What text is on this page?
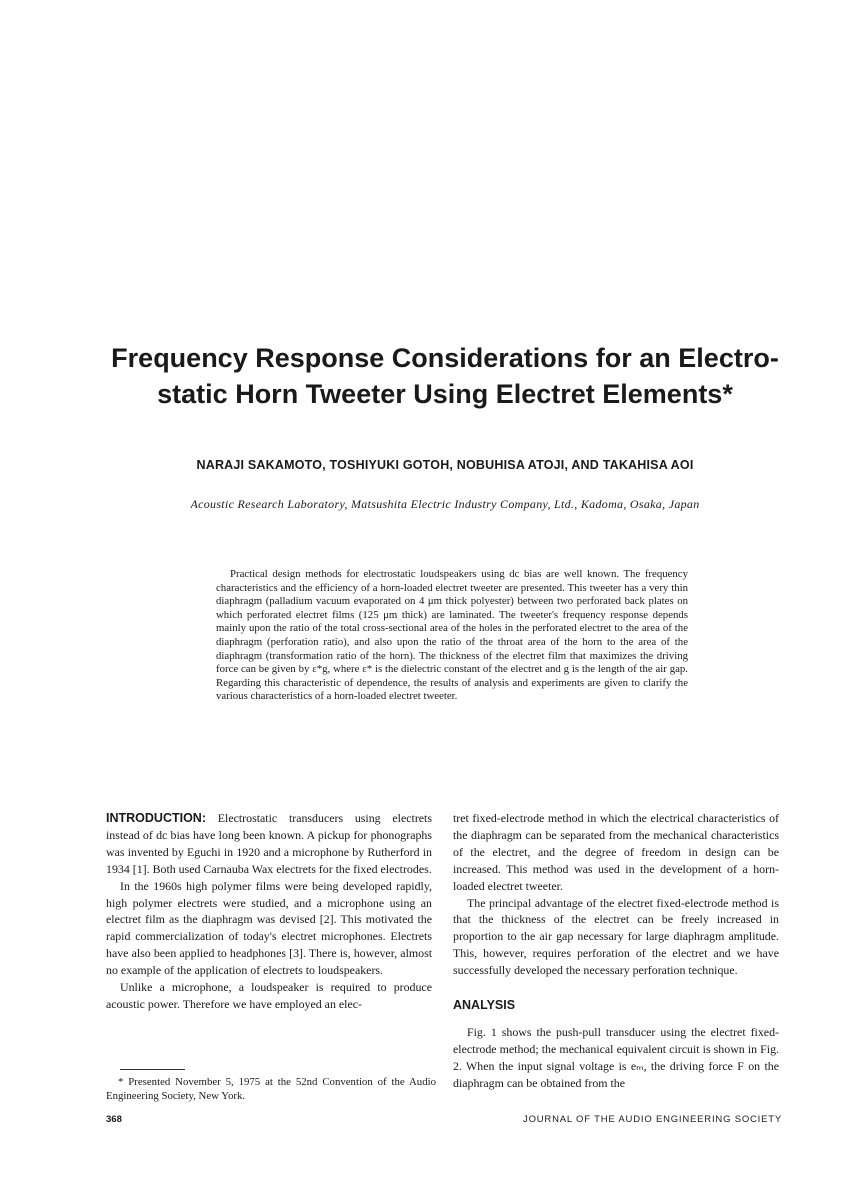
Frequency Response Considerations for an Electro-
static Horn Tweeter Using Electret Elements*

NARAJI SAKAMOTO, TOSHIYUKI GOTOH, NOBUHISA ATOJI, AND TAKAHISA AOI

Acoustic Research Laboratory, Matsushita Electric Industry Company, Ltd., Kadoma, Osaka, Japan

Practical design methods for electrostatic loudspeakers using dc bias are well known. The frequency characteristics and the efficiency of a horn-loaded electret tweeter are presented. This tweeter has a very thin diaphragm (palladium vacuum evaporated on 4 μm thick polyester) between two perforated back plates on which perforated electret films (125 μm thick) are laminated. The tweeter's frequency response depends mainly upon the ratio of the total cross-sectional area of the holes in the perforated electret to the area of the diaphragm (perforation ratio), and also upon the ratio of the throat area of the horn to the area of the diaphragm (transformation ratio of the horn). The thickness of the electret film that maximizes the driving force can be given by ε*g, where ε* is the dielectric constant of the electret and g is the length of the air gap. Regarding this characteristic of dependence, the results of analysis and experiments are given to clarify the various characteristics of a horn-loaded electret tweeter.

INTRODUCTION: Electrostatic transducers using electrets instead of dc bias have long been known. A pickup for phonographs was invented by Eguchi in 1920 and a microphone by Rutherford in 1934 [1]. Both used Carnauba Wax electrets for the fixed electrodes.

In the 1960s high polymer films were being developed rapidly, high polymer electrets were studied, and a microphone using an electret film as the diaphragm was devised [2]. This motivated the rapid commercialization of today's electret microphones. Electrets have also been applied to headphones [3]. There is, however, almost no example of the application of electrets to loudspeakers.

Unlike a microphone, a loudspeaker is required to produce acoustic power. Therefore we have employed an elec-

tret fixed-electrode method in which the electrical characteristics of the diaphragm can be separated from the mechanical characteristics of the electret, and the degree of freedom in design can be increased. This method was used in the development of a horn-loaded electret tweeter.

The principal advantage of the electret fixed-electrode method is that the thickness of the electret can be freely increased in proportion to the air gap necessary for large diaphragm amplitude. This, however, requires perforation of the electret and we have successfully developed the necessary perforation technique.

ANALYSIS

Fig. 1 shows the push-pull transducer using the electret fixed-electrode method; the mechanical equivalent circuit is shown in Fig. 2. When the input signal voltage is eₘ, the driving force F on the diaphragm can be obtained from the

* Presented November 5, 1975 at the 52nd Convention of the Audio Engineering Society, New York.

368	JOURNAL OF THE AUDIO ENGINEERING SOCIETY
